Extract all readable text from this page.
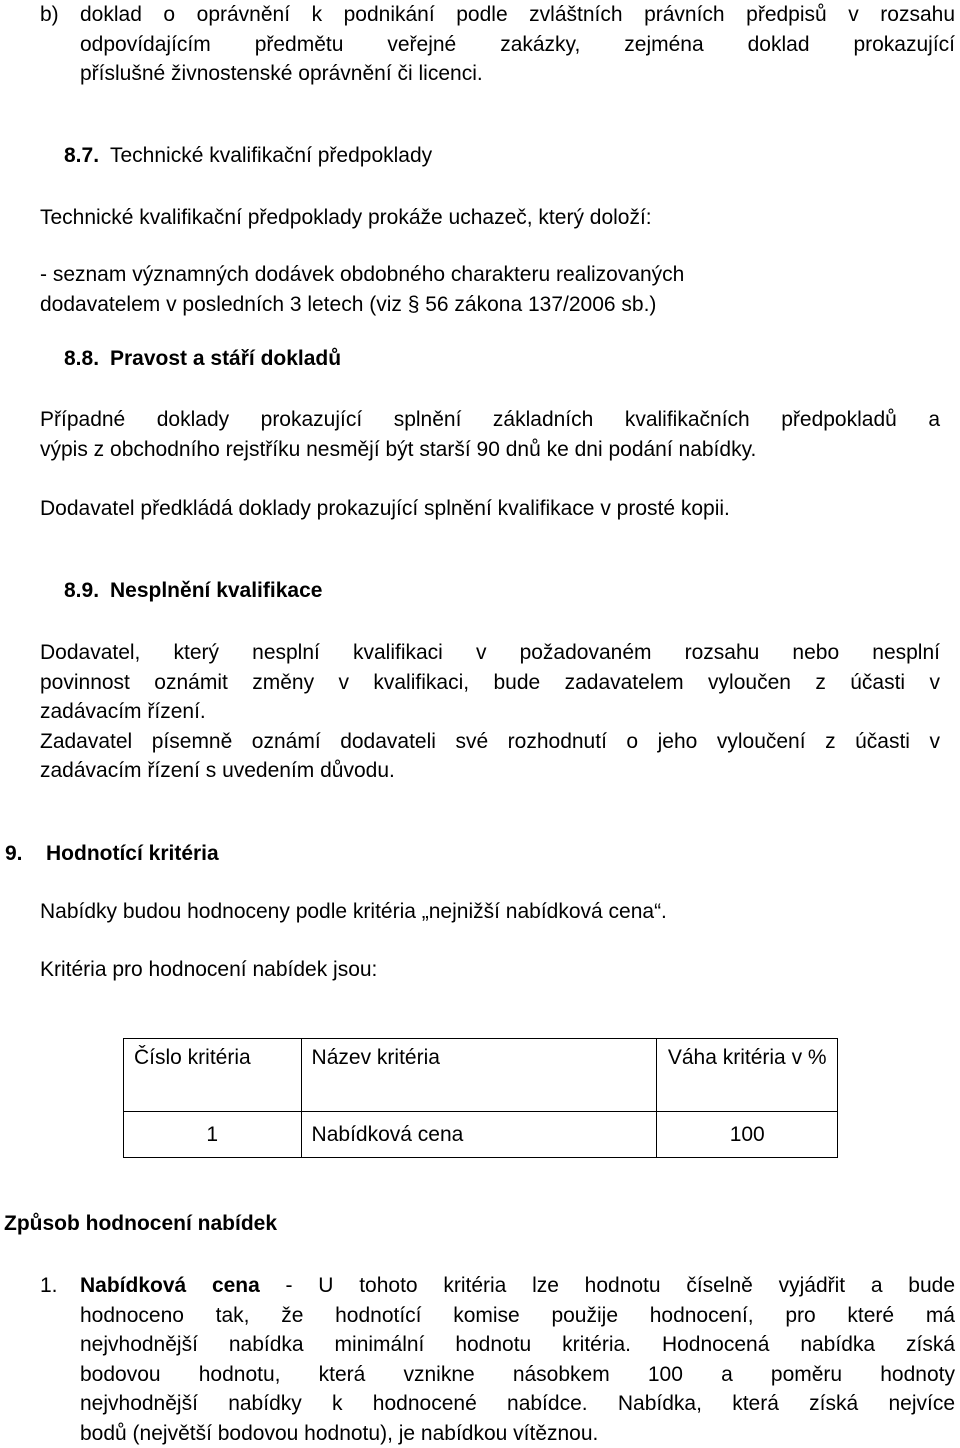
b) doklad o oprávnění k podnikání podle zvláštních právních předpisů v rozsahu
odpovídajícím předmětu veřejné zakázky, zejména doklad prokazující
příslušné živnostenské oprávnění či licenci.
8.7. Technické kvalifikační předpoklady
Technické kvalifikační předpoklady prokáže uchazeč, který doloží:
- seznam významných dodávek obdobného charakteru realizovaných
dodavatelem v posledních 3 letech (viz § 56 zákona 137/2006 sb.)
8.8. Pravost a stáří dokladů
Případné doklady prokazující splnění základních kvalifikačních předpokladů a
výpis z obchodního rejstříku nesmějí být starší 90 dnů ke dni podání nabídky.
Dodavatel předkládá doklady prokazující splnění kvalifikace v prosté kopii.
8.9. Nesplnění kvalifikace
Dodavatel, který nesplní kvalifikaci v požadovaném rozsahu nebo nesplní
povinnost oznámit změny v kvalifikaci, bude zadavatelem vyloučen z účasti v
zadávacím řízení.
Zadavatel písemně oznámí dodavateli své rozhodnutí o jeho vyloučení z účasti v
zadávacím řízení s uvedením důvodu.
9. Hodnotící kritéria
Nabídky budou hodnoceny podle kritéria „nejnižší nabídková cena“.
Kritéria pro hodnocení nabídek jsou:
Číslo kritéria	Název kritéria	Váha kritéria v %

1	Nabídková cena	100
Způsob hodnocení nabídek
1.	Nabídková cena - U tohoto kritéria lze hodnotu číselně vyjádřit a bude
hodnoceno tak, že hodnotící komise použije hodnocení, pro které má
nejvhodnější nabídka minimální hodnotu kritéria. Hodnocená nabídka získá
bodovou hodnotu, která vznikne násobkem 100 a poměru hodnoty
nejvhodnější nabídky k hodnocené nabídce. Nabídka, která získá nejvíce
bodů (největší bodovou hodnotu), je nabídkou vítěznou.
